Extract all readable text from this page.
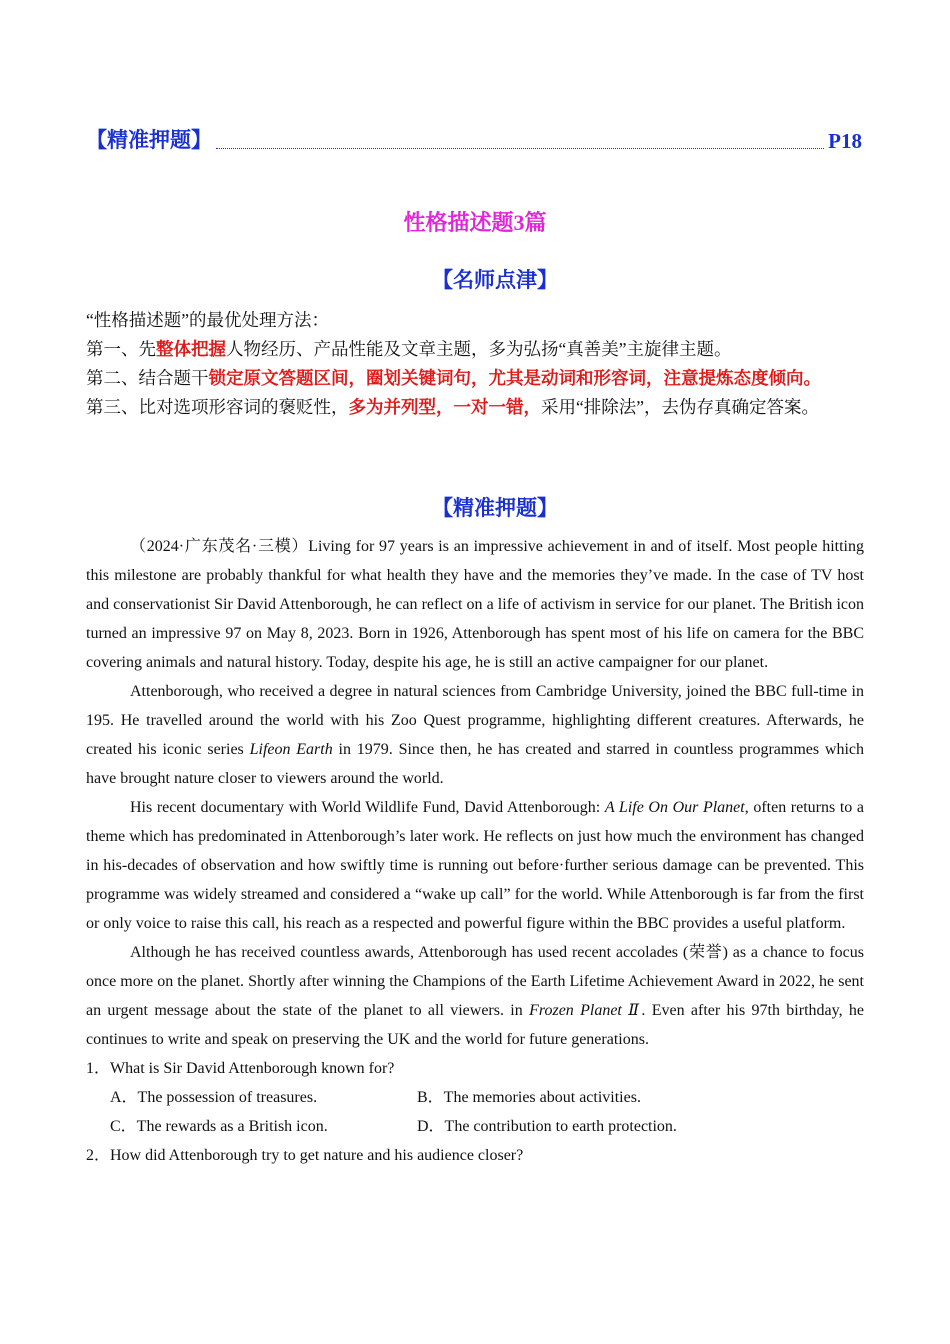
【精准押题】	P18
性格描述题3篇
【名师点津】

“性格描述题”的最优处理方法：

第一、先整体把握人物经历、产品性能及文章主题，多为弘扬“真善美”主旋律主题。

第二、结合题干锁定原文答题区间，圈划关键词句，尤其是动词和形容词，注意提炼态度倾向。

第三、比对选项形容词的褒贬性，多为并列型，一对一错，采用“排除法”，去伪存真确定答案。

【精准押题】

（2024·广东茂名·三模）Living for 97 years is an impressive achievement in and of itself. Most people hitting this milestone are probably thankful for what health they have and the memories they’ve made. In the case of TV host and conservationist Sir David Attenborough, he can reflect on a life of activism in service for our planet. The British icon turned an impressive 97 on May 8, 2023. Born in 1926, Attenborough has spent most of his life on camera for the BBC covering animals and natural history. Today, despite his age, he is still an active campaigner for our planet.

Attenborough, who received a degree in natural sciences from Cambridge University, joined the BBC full-time in 195. He travelled around the world with his Zoo Quest programme, highlighting different creatures. Afterwards, he created his iconic series Lifeon Earth in 1979. Since then, he has created and starred in countless programmes which have brought nature closer to viewers around the world.

His recent documentary with World Wildlife Fund, David Attenborough: A Life On Our Planet, often returns to a theme which has predominated in Attenborough’s later work. He reflects on just how much the environment has changed in his-decades of observation and how swiftly time is running out before·further serious damage can be prevented. This programme was widely streamed and considered a “wake up call” for the world. While Attenborough is far from the first or only voice to raise this call, his reach as a respected and powerful figure within the BBC provides a useful platform.

Although he has received countless awards, Attenborough has used recent accolades (荣誉) as a chance to focus once more on the planet. Shortly after winning the Champions of the Earth Lifetime Achievement Award in 2022, he sent an urgent message about the state of the planet to all viewers. in Frozen Planet Ⅱ. Even after his 97th birthday, he continues to write and speak on preserving the UK and the world for future generations.

1．What is Sir David Attenborough known for?
A．The possession of treasures.	B．The memories about activities.
C．The rewards as a British icon.	D．The contribution to earth protection.
2．How did Attenborough try to get nature and his audience closer?
